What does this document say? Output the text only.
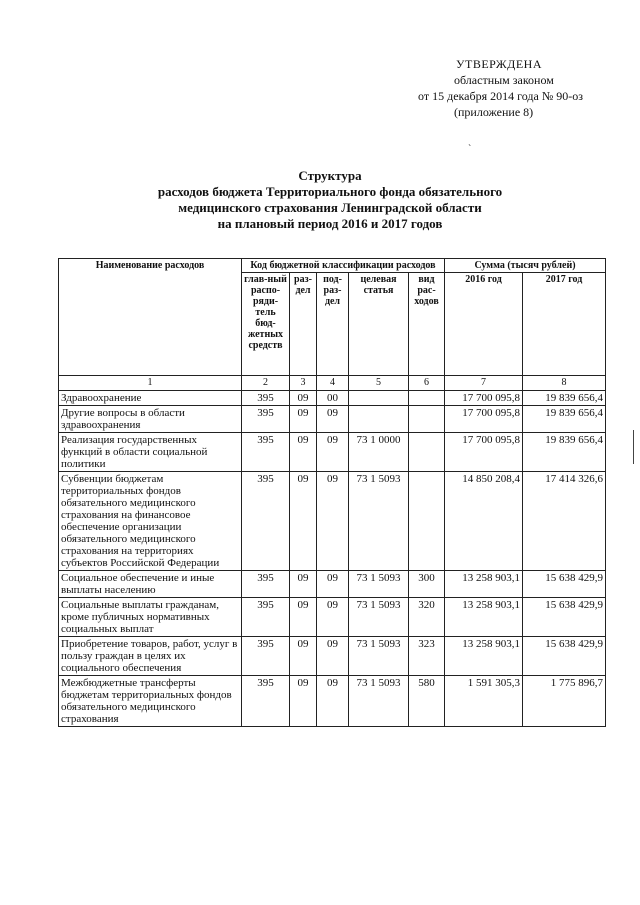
УТВЕРЖДЕНА
областным законом
от 15 декабря 2014 года № 90-оз
(приложение 8)
`
Структура
расходов бюджета Территориального фонда обязательного
медицинского страхования Ленинградской области
на плановый период 2016 и 2017 годов
Наименование расходов	Код бюджетной классификации расходов					Сумма (тысяч рублей)	
	глав-ный распо-ряди-тель бюд-жетных средств	раз-дел	под-раз-дел	целевая статья	вид рас-ходов	2016 год	2017 год
1	2	3	4	5	6	7	8
Здравоохранение	395	09	00			17 700 095,8	19 839 656,4
Другие вопросы в области здравоохранения	395	09	09			17 700 095,8	19 839 656,4
Реализация государственных функций в области социальной политики	395	09	09	73 1 0000		17 700 095,8	19 839 656,4
Субвенции бюджетам территориальных фондов обязательного медицинского страхования на финансовое обеспечение организации обязательного медицинского страхования на территориях субъектов Российской Федерации	395	09	09	73 1 5093		14 850 208,4	17 414 326,6
Социальное обеспечение и иные выплаты населению	395	09	09	73 1 5093	300	13 258 903,1	15 638 429,9
Социальные выплаты гражданам, кроме публичных нормативных социальных выплат	395	09	09	73 1 5093	320	13 258 903,1	15 638 429,9
Приобретение товаров, работ, услуг в пользу граждан в целях их социального обеспечения	395	09	09	73 1 5093	323	13 258 903,1	15 638 429,9
Межбюджетные трансферты бюджетам территориальных фондов обязательного медицинского страхования	395	09	09	73 1 5093	580	1 591 305,3	1 775 896,7
